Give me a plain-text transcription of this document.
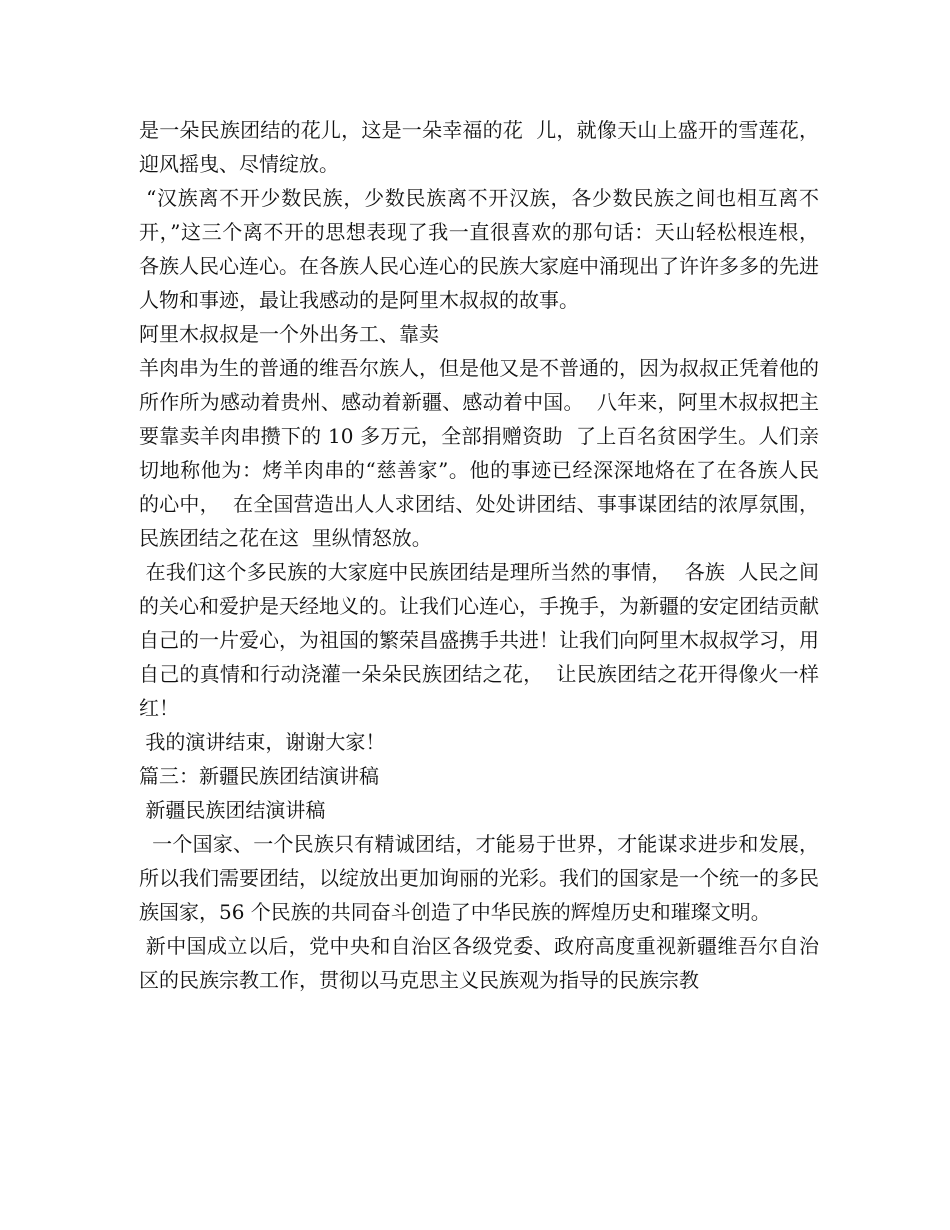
是一朵民族团结的花儿，这是一朵幸福的花  儿，就像天山上盛开的雪莲花，迎风摇曳、尽情绽放。

“汉族离不开少数民族，少数民族离不开汉族，各少数民族之间也相互离不开，”这三个离不开的思想表现了我一直很喜欢的那句话：天山轻松根连根，各族人民心连心。在各族人民心连心的民族大家庭中涌现出了许许多多的先进人物和事迹，最让我感动的是阿里木叔叔的故事。

阿里木叔叔是一个外出务工、靠卖

羊肉串为生的普通的维吾尔族人，但是他又是不普通的，因为叔叔正凭着他的所作所为感动着贵州、感动着新疆、感动着中国。  八年来，阿里木叔叔把主要靠卖羊肉串攒下的 10 多万元，全部捐赠资助  了上百名贫困学生。人们亲切地称他为：烤羊肉串的“慈善家”。他的事迹已经深深地烙在了在各族人民的心中，  在全国营造出人人求团结、处处讲团结、事事谋团结的浓厚氛围，民族团结之花在这  里纵情怒放。

在我们这个多民族的大家庭中民族团结是理所当然的事情，  各族  人民之间的关心和爱护是天经地义的。让我们心连心，手挽手，为新疆的安定团结贡献自己的一片爱心，为祖国的繁荣昌盛携手共进！让我们向阿里木叔叔学习，用自己的真情和行动浇灌一朵朵民族团结之花，  让民族团结之花开得像火一样红！

我的演讲结束，谢谢大家！

篇三：新疆民族团结演讲稿

新疆民族团结演讲稿

一个国家、一个民族只有精诚团结，才能易于世界，才能谋求进步和发展，所以我们需要团结，以绽放出更加询丽的光彩。我们的国家是一个统一的多民族国家，56 个民族的共同奋斗创造了中华民族的辉煌历史和璀璨文明。

新中国成立以后，党中央和自治区各级党委、政府高度重视新疆维吾尔自治区的民族宗教工作，贯彻以马克思主义民族观为指导的民族宗教
